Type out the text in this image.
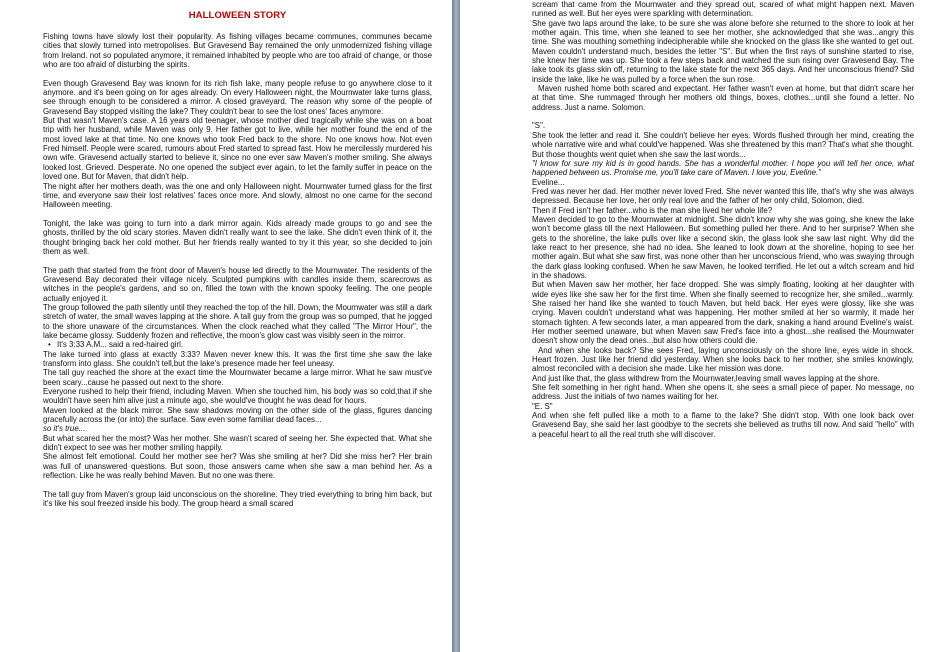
HALLOWEEN STORY

Fishing towns have slowly lost their popularity. As fishing villages became communes, communes became cities that slowly turned into metropolises. But Gravesend Bay remained the only unmodernized fishing village from Ireland. not so populated anymore, it remained inhabited by people who are too afraid of change, or those who are too afraid of disturbing the spirits.

Even though Gravesend Bay was known for its rich fish lake, many people refuse to go anywhere close to it anymore. and it's been going on for ages already. On every Halloween night, the Mournwater lake turns glass, see through enough to be considered a mirror. A closed graveyard. The reason why some of the people of Gravesend Bay stopped visiting the lake? They couldn't bear to see the lost ones' faces anymore.

But that wasn't Maven's case. A 16 years old teenager, whose mother died tragically while she was on a boat trip with her husband, while Maven was only 9. Her father got to live, while her mother found the end of the most loved lake at that time. No one knows who took Fred back to the shore. No one knows how. Not even Fred himself. People were scared, rumours about Fred started to spread fast. How he mercilessly murdered his own wife. Gravesend actually started to believe it, since no one ever saw Maven's mother smiling. She always looked lost. Grieved. Desperate. No one opened the subject ever again, to let the family suffer in peace on the loved one. But for Maven, that didn't help.

The night after her mothers death, was the one and only Halloween night. Mournwater turned glass for the first time, and everyone saw their lost relatives' faces once more. And slowly, almost no one came for the second Halloween meeting.

Tonight, the lake was going to turn into a dark mirror again. Kids already made groups to go and see the ghosts, thrilled by the old scary stories. Maven didn't really want to see the lake. She didn't even think of it, the thought bringing back her cold mother. But her friends really wanted to try it this year, so she decided to join them as well.

The path that started from the front door of Maven's house led directly to the Mournwater. The residents of the Gravesend Bay decorated their village nicely. Sculpted pumpkins with candles inside them, scarecrows as witches in the people's gardens, and so on, filled the town with the known spooky feeling. The one people actually enjoyed it.

The group followed the path silently until they reached the top of the hill. Down, the Mournwater was still a dark stretch of water, the small waves lapping at the shore. A tall guy from the group was so pumped, that he jogged to the shore unaware of the circumstances. When the clock reached what they called "The Mirror Hour", the lake became glossy. Suddenly frozen and reflective, the moon's glow cast was visibly seen in the mirror.

• It's 3:33 A.M... said a red-haired girl.

The lake turned into glass at exactly 3:33? Maven never knew this. It was the first time she saw the lake transform into glass. She couldn't tell,but the lake's presence made her feel uneasy.

The tall guy reached the shore at the exact time the Mournwater became a large mirror. What he saw must've been scary...cause he passed out next to the shore.

Everyone rushed to help their friend, including Maven. When she touched him, his body was so cold,that if she wouldn't have seen him alive just a minute ago, she would've thought he was dead for hours.

Maven looked at the black mirror. She saw shadows moving on the other side of the glass, figures dancing gracefully across the (or into) the surface. Saw even some familiar dead faces...

so it's true...

But what scared her the most? Was her mother. She wasn't scared of seeing her. She expected that. What she didn't expect to see was her mother smiling happily.

She almost felt emotional. Could her mother see her? Was she smiling at her? Did she miss her? Her brain was full of unanswered questions. But soon, those answers came when she saw a man behind her. As a reflection. Like he was really behind Maven. But no one was there.

The tall guy from Maven's group laid unconscious on the shoreline. They tried everything to bring him back, but it's like his soul freezed inside his body. The group heard a small scared

scream that came from the Mournwater and they spread out, scared of what might happen next. Maven runned as well. But her eyes were sparkling with determination.

She gave two laps around the lake, to be sure she was alone before she returned to the shore to look at her mother again. This time, when she leaned to see her mother, she acknowledged that she was...angry this time. She was mouthing something indecipherable while she knocked on the glass like she wanted to get out. Maven couldn't understand much, besides the letter "S". But when the first rays of sunshine started to rise, she knew her time was up. She took a few steps back and watched the sun rising over Gravesend Bay. The lake took its glass skin off, returning to the lake state for the next 365 days. And her unconscious friend? Slid inside the lake, like he was pulled by a force when the sun rose.

Maven rushed home both scared and expectant. Her father wasn't even at home, but that didn't scare her at that time. She rummaged through her mothers old things, boxes, clothes...until she found a letter. No address. Just a name. Solomon.

"S".

She took the letter and read it. She couldn't believe her eyes. Words flushed through her mind, creating the whole narrative wire and what could've happened. Was she threatened by this man? That's what she thought. But those thoughts went quiet when she saw the last words...

"I know for sure my kid is in good hands. She has a wonderful mother. I hope you will tell her once, what happened between us. Promise me, you'll take care of Maven. I love you, Eveline."

Eveline...

Fred was never her dad. Her mother never loved Fred. She never wanted this life, that's why she was always depressed. Because her love, her only real love and the father of her only child, Solomon, died.

Then if Fred isn't her father...who is the man she lived her whole life?

Maven decided to go to the Mournwater at midnight. She didn't know why she was going, she knew the lake won't become glass till the next Halloween. But something pulled her there. And to her surprise? When she gets to the shoreline, the lake pulls over like a second skin, the glass look she saw last night. Why did the lake react to her presence, she had no idea. She leaned to look down at the shoreline, hoping to see her mother again. But what she saw first, was none other than her unconscious friend, who was swaying through the dark glass looking confused. When he saw Maven, he looked terrified. He let out a witch scream and hid in the shadows.

But when Maven saw her mother, her face dropped. She was simply floating, looking at her daughter with wide eyes like she saw her for the first time. When she finally seemed to recognize her, she smiled...warmly. She raised her hand like she wanted to touch Maven, but held back. Her eyes were glossy, like she was crying. Maven couldn't understand what was happening. Her mother smiled at her so warmly, it made her stomach tighten. A few seconds later, a man appeared from the dark, snaking a hand around Eveline's waist. Her mother seemed unaware, but when Maven saw Fred's face into a ghost...she realised the Mournwater doesn't show only the dead ones...but also how others could die.

And when she looks back? She sees Fred, laying unconsciously on the shore line, eyes wide in shock. Heart frozen. Just like her friend did yesterday. When she looks back to her mother, she smiles knowingly, almost reconciled with a decision she made. Like her mission was done.

And just like that, the glass withdrew from the Mournwater,leaving small waves lapping at the shore.

She felt something in her right hand. When she opens it, she sees a small piece of paper. No message, no address. Just the initials of two names waiting for her.

"E. S"

And when she felt pulled like a moth to a flame to the lake? She didn't stop. With one look back over Gravesend Bay, she said her last goodbye to the secrets she believed as truths till now. And said "hello" with a peaceful heart to all the real truth she will discover.
